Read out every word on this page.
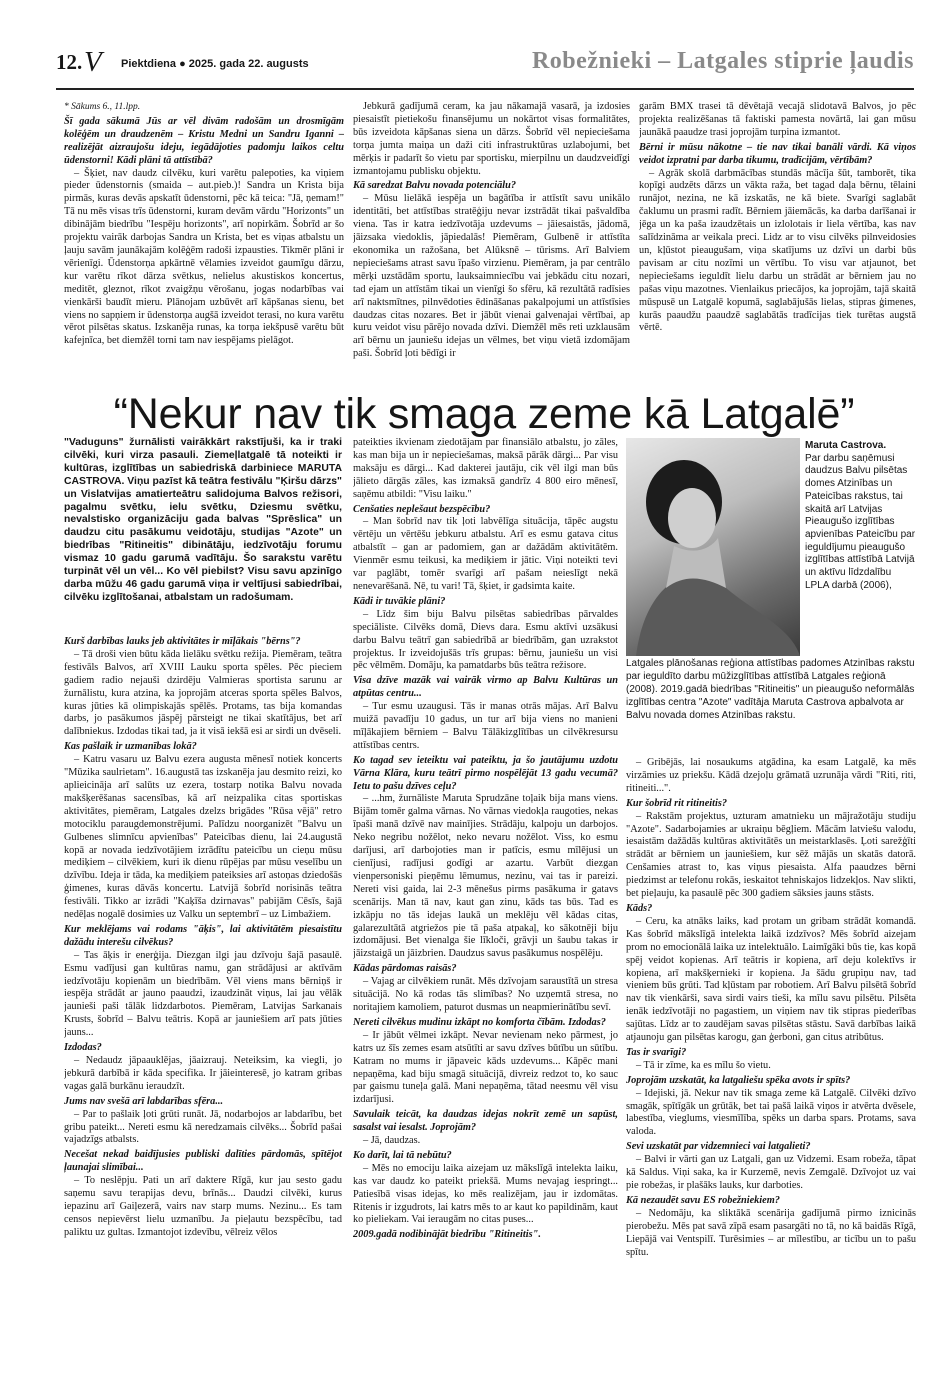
12. V Piektdiena ● 2025. gada 22. augusts	Robežnieki – Latgales stiprie ļaudis

* Sākums 6., 11.lpp.

Šī gada sākumā Jūs ar vēl divām radošām un drosmīgām kolēģēm un draudzenēm – Kristu Medni un Sandru Iganni – realizējāt aizraujošu ideju, iegādājoties padomju laikos celtu ūdenstorni! Kādi plāni tā attīstībā?

– Šķiet, nav daudz cilvēku, kuri varētu palepoties, ka viņiem pieder ūdenstornis (smaida – aut.pieb.)! Sandra un Krista bija pirmās, kuras devās apskatīt ūdenstorni, pēc kā teica: "Jā, ņemam!" Tā nu mēs visas trīs ūdenstorni, kuram devām vārdu "Horizonts" un dibinājām biedrību "Iespēju horizonts", arī nopirkām. Šobrīd ar šo projektu vairāk darbojas Sandra un Krista, bet es viņas atbalstu un ļauju savām jaunākajām kolēģēm radoši izpausties. Tikmēr plāni ir vērienīgi. Ūdenstorņa apkārtnē vēlamies izveidot gaumīgu dārzu, kur varētu rīkot dārza svētkus, nelielus akustiskos koncertus, meditēt, gleznot, rīkot zvaigžņu vērošanu, jogas nodarbības vai vienkārši baudīt mieru. Plānojam uzbūvēt arī kāpšanas sienu, bet viens no sapņiem ir ūdenstorņa augšā izveidot terasi, no kura varētu vērot pilsētas skatus. Izskanēja runas, ka torņa iekšpusē varētu būt kafejnīca, bet diemžēl torni tam nav iespējams pielāgot.

Jebkurā gadījumā ceram, ka jau nākamajā vasarā, ja izdosies piesaistīt pietiekošu finansējumu un nokārtot visas formalitātes, būs izveidota kāpšanas siena un dārzs. Šobrīd vēl nepieciešama torņa jumta maiņa un daži citi infrastruktūras uzlabojumi, bet mērķis ir padarīt šo vietu par sportisku, mierpilnu un daudzveidīgi izmantojamu publisku objektu.

Kā saredzat Balvu novada potenciālu?

– Mūsu lielākā iespēja un bagātība ir attīstīt savu unikālo identitāti, bet attīstības stratēģiju nevar izstrādāt tikai pašvaldība viena. Tas ir katra iedzīvotāja uzdevums – jāiesaistās, jādomā, jāizsaka viedoklis, jāpiedalās! Piemēram, Gulbenē ir attīstīta ekonomika un ražošana, bet Alūksnē – tūrisms. Arī Balviem nepieciešams atrast savu īpašo virzienu. Piemēram, ja par centrālo mērķi uzstādām sportu, lauksaimniecību vai jebkādu citu nozari, tad ejam un attīstām tikai un vienīgi šo sfēru, kā rezultātā radīsies arī naktsmītnes, pilnvēdoties ēdināšanas pakalpojumi un attīstīsies daudzas citas nozares. Bet ir jābūt vienai galvenajai vērtībai, ap kuru veidot visu pārējo novada dzīvi. Diemžēl mēs reti uzklausām arī bērnu un jauniešu idejas un vēlmes, bet viņu vietā izdomājam paši. Šobrīd ļoti bēdīgi ir

garām BMX trasei tā dēvētajā vecajā slidotavā Balvos, jo pēc projekta realizēšanas tā faktiski pamesta novārtā, lai gan mūsu jaunākā paaudze trasi joprojām turpina izmantot.

Bērni ir mūsu nākotne – tie nav tikai banāli vārdi. Kā viņos veidot izpratni par darba tikumu, tradīcijām, vērtībām?

– Agrāk skolā darbmācības stundās mācīja šūt, tamborēt, tika kopīgi audzēts dārzs un vākta raža, bet tagad daļa bērnu, tēlaini runājot, nezina, ne kā izskatās, ne kā biete. Svarīgi saglabāt čaklumu un prasmi radīt. Bērniem jāiemācās, ka darba darīšanai ir jēga un ka paša izaudzētais un izlolotais ir liela vērtība, kas nav salīdzināma ar veikala preci. Lidz ar to visu cilvēks pilnveidosies un, kļūstot pieaugušam, viņa skatījums uz dzīvi un darbi būs pavisam ar citu nozīmi un vērtību. To visu var atjaunot, bet nepieciešams ieguldīt lielu darbu un strādāt ar bērniem jau no pašas viņu mazotnes. Vienlaikus priecājos, ka joprojām, tajā skaitā mūspusē un Latgalē kopumā, saglabājušās lielas, stipras ģimenes, kurās paaudžu paaudzē saglabātās tradīcijas tiek turētas augstā vērtē.

“Nekur nav tik smaga zeme kā Latgalē”
"Vaduguns" žurnālisti vairākkārt rakstījuši, ka ir traki cilvēki, kuri virza pasauli. Ziemeļlatgalē tā noteikti ir kultūras, izglītības un sabiedriskā darbiniece MARUTA CASTROVA. Viņu pazīst kā teātra festivālu "Ķiršu dārzs" un Vislatvijas amatierteātru salidojuma Balvos režisori, pagalmu svētku, ielu svētku, Dziesmu svētku, nevalstisko organizāciju gada balvas "Sprēslica" un daudzu citu pasākumu veidotāju, studijas "Azote" un biedrības "Ritineitis" dibinātāju, iedzīvotāju forumu vismaz 10 gadu garumā vadītāju. Šo sarakstu varētu turpināt vēl un vēl... Ko vēl piebilst? Visu savu apzinīgo darba mūžu 46 gadu garumā viņa ir veltījusi sabiedrībai, cilvēku izglītošanai, atbalstam un radošumam.

Kurš darbības lauks jeb aktivitātes ir mīļākais "bērns"?

– Tā droši vien būtu kāda lielāku svētku režija. Piemēram, teātra festivāls Balvos, arī XVIII Lauku sporta spēles. Pēc pieciem gadiem radio nejauši dzirdēju Valmieras sportista sarunu ar žurnālistu, kura atzina, ka joprojām atceras sporta spēles Balvos, kuras jūties kā olimpiskajās spēlēs. Protams, tas bija komandas darbs, jo pasākumos jāspēj pārsteigt ne tikai skatītājus, bet arī dalībniekus. Izdodas tikai tad, ja it visā iekšā esi ar sirdi un dvēseli.

Kas pašlaik ir uzmanības lokā?

– Katru vasaru uz Balvu ezera augusta mēnesī notiek koncerts "Mūzika saulrietam". 16.augustā tas izskanēja jau desmito reizi, ko aplieicināja arī salūts uz ezera, tostarp notika Balvu novada makšķerēšanas sacensības, kā arī neizpalika citas sportiskas aktivitātes, piemēram, Latgales dzelzs brigādes "Rūsa vējā" retro motociklu paraugdemonstrējumi. Palīdzu noorganizēt "Balvu un Gulbenes slimnīcu apvienības" Pateicības dienu, lai 24.augustā kopā ar novada iedzīvotājiem izrādītu pateicību un cieņu mūsu mediķiem – cilvēkiem, kuri ik dienu rūpējas par mūsu veselību un dzīvību. Ideja ir tāda, ka mediķiem pateiksies arī astoņas dziedošās ģimenes, kuras dāvās koncertu. Latvijā šobrīd norisinās teātra festivāli. Tikko ar izrādi "Kaķīša dzirnavas" pabijām Cēsīs, šajā nedēļas nogalē dosimies uz Valku un septembrī – uz Limbažiem.

Kur meklējams vai rodams "āķis", lai aktivitātēm piesaistītu dažādu interešu cilvēkus?

– Tas āķis ir enerģija. Diezgan ilgi jau dzīvoju šajā pasaulē. Esmu vadījusi gan kultūras namu, gan strādājusi ar aktīvām iedzīvotāju kopienām un biedrībām. Vēl viens mans bērniņš ir iespēja strādāt ar jauno paaudzi, izaudzināt viņus, lai jau vēlāk jaunieši paši tālāk lidzdarbotos. Piemēram, Latvijas Sarkanais Krusts, šobrīd – Balvu teātris. Kopā ar jauniešiem arī pats jūties jauns...

Izdodas?

– Nedaudz jāpaauklējas, jāaizrauj. Neteiksim, ka viegli, jo jebkurā darbībā ir kāda specifika. Ir jāieinteresē, jo katram gribas vagas galā burkānu ieraudzīt.

Jums nav svešā arī labdarības sfēra...

– Par to pašlaik ļoti grūti runāt. Jā, nodarbojos ar labdarību, bet gribu pateikt... Nereti esmu kā neredzamais cilvēks... Šobrīd pašai vajadzīgs atbalsts.

Necešat nekad baidījusies publiski dalīties pārdomās, spītējot ļaunajai slimībai...

– To neslēpju. Pati un arī daktere Rīgā, kur jau sesto gadu saņemu savu terapijas devu, brīnās... Daudzi cilvēki, kurus iepazinu arī Gaiļezerā, vairs nav starp mums. Nezinu... Es tam censos nepievērst lielu uzmanību. Ja pieļautu bezspēcību, tad paliktu uz gultas. Izmantojot izdevību, vēlreiz vēlos

pateikties ikvienam ziedotājam par finansiālo atbalstu, jo zāles, kas man bija un ir nepieciešamas, maksā pārāk dārgi... Par visu maksāju es dārgi... Kad dakterei jautāju, cik vēl ilgi man būs jālieto dārgās zāles, kas izmaksā gandrīz 4 800 eiro mēnesī, saņēmu atbildi: "Visu laiku."

Cenšaties neplešaut bezspēcību?

– Man šobrīd nav tik ļoti labvēlīga situācija, tāpēc augstu vērtēju un vērtēšu jebkuru atbalstu. Arī es esmu gatava citus atbalstīt – gan ar padomiem, gan ar dažādām aktivitātēm. Vienmēr esmu teikusi, ka mediķiem ir jātic. Viņi noteikti tevi var paglābt, tomēr svarīgi arī pašam neieslīgt nekā nenevarēšanā. Nē, tu vari! Tā, šķiet, ir gadsimta kaite.

Kādi ir tuvākie plāni?

– Līdz šim biju Balvu pilsētas sabiedrības pārvaldes speciāliste. Cilvēks domā, Dievs dara. Esmu aktīvi uzsākusi darbu Balvu teātrī gan sabiedrībā ar biedrībām, gan uzrakstot projektus. Ir izveidojušās trīs grupas: bērnu, jauniešu un visi pēc vēlmēm. Domāju, ka pamatdarbs būs teātra režisore.

Visa dzīve mazāk vai vairāk virmo ap Balvu Kultūras un atpūtas centru...

– Tur esmu uzaugusi. Tās ir manas otrās mājas. Arī Balvu muižā pavadīju 10 gadus, un tur arī bija viens no manieni mīļākajiem bērniem – Balvu Tālākizglītības un cilvēkresursu attīstības centrs.

Ko tagad sev ieteiktu vai pateiktu, ja šo jautājumu uzdotu Vārna Klāra, kuru teātrī pirmo nospēlējāt 13 gadu vecumā? Ietu to pašu dzīves ceļu?

– ...hm, žurnāliste Maruta Sprudzāne toļaik bija mans viens. Bijām tomēr galma vārnas. No vārnas viedokļa raugoties, nekas īpaši manā dzīvē nav mainījies. Strādāju, kalpoju un darbojos. Neko negribu nožēlot, neko nevaru nožēlot. Viss, ko esmu darījusi, arī darbojoties man ir patīcis, esmu mīlējusi un cienījusi, radījusi godīgi ar azartu. Varbūt diezgan vienpersoniski pieņēmu lēmumus, nezinu, vai tas ir pareizi. Nereti visi gaida, lai 2-3 mēnešus pirms pasākuma ir gatavs scenārijs. Man tā nav, kaut gan zinu, kāds tas būs. Tad es izkāpju no tās idejas laukā un meklēju vēl kādas citas, galarezultātā atgriežos pie tā paša atpakaļ, ko sākotnēji biju izdomājusi. Bet vienalga šie līkloči, grāvji un šaubu takas ir jāizstaigā un jāizbrien. Daudzus savus pasākumus nospēlēju.

Kādas pārdomas raisās?

– Vajag ar cilvēkiem runāt. Mēs dzīvojam saraustītā un stresa situācijā. No kā rodas tās slimības? No uzņemtā stresa, no noritajiem kamoliem, paturot dusmas un neapmierinātību sevī.

Nereti cilvēkus mudinu izkāpt no komforta čībām. Izdodas?

– Ir jābūt vēlmei izkāpt. Nevar nevienam neko pārmest, jo katrs uz šīs zemes esam atsūtīti ar savu dzīves būtību un sūtību. Katram no mums ir jāpaveic kāds uzdevums... Kāpēc mani nepaņēma, kad biju smagā situācijā, divreiz redzot to, ko sauc par gaismu tuneļa galā. Mani nepaņēma, tātad neesmu vēl visu izdarījusi.

Savulaik teicāt, ka daudzas idejas nokrīt zemē un sapūst, sasalst vai iesalst. Joprojām?

– Jā, daudzas.

Ko darīt, lai tā nebūtu?

– Mēs no emociju laika aizejam uz mākslīgā intelekta laiku, kas var daudz ko pateikt priekšā. Mums nevajag iespringt... Patiesībā visas idejas, ko mēs realizējam, jau ir izdomātas. Ritenis ir izgudrots, lai katrs mēs to ar kaut ko papildinām, kaut ko pieliekam. Vai ieraugām no citas puses...

2009.gadā nodibinājāt biedrību "Ritineitis".

Maruta Castrova.
Par darbu saņēmusi daudzus Balvu pilsētas domes Atzinības un Pateicības rakstus, tai skaitā arī Latvijas Pieaugušo izglītības apvienības Pateicību par ieguldījumu pieaugušo izglītības attīstībā Latvijā un aktīvu līdzdalību LPLA darbā (2006),
Latgales plānošanas reģiona attīstības padomes Atzinības rakstu par ieguldīto darbu mūžizglītības attīstībā Latgales reģionā (2008). 2019.gadā biedrības "Ritineitis" un pieaugušo neformālās izglītības centra "Azote" vadītāja Maruta Castrova apbalvota ar Balvu novada domes Atzinības rakstu.

– Gribējās, lai nosaukums atgādina, ka esam Latgalē, ka mēs virzāmies uz priekšu. Kādā dzejoļu grāmatā uzrunāja vārdi "Riti, riti, ritineiti...".

Kur šobrīd rit ritineitis?

– Rakstām projektus, uzturam amatnieku un mājražotāju studiju "Azote". Sadarbojamies ar ukraiņu bēgļiem. Mācām latviešu valodu, iesaistām dažādās kultūras aktivitātēs un meistarklasēs. Ļoti sarežģīti strādāt ar bērniem un jauniešiem, kur sēž mājās un skatās datorā. Cenšamies atrast to, kas viņus piesaista. Alfa paaudzes bērni piedzimst ar telefonu rokās, ieskaitot tehniskajos lidzekļos. Nav slikti, bet pieļauju, ka pasaulē pēc 300 gadiem sāksies jauns stāsts.

Kāds?

– Ceru, ka atnāks laiks, kad protam un gribam strādāt komandā. Kas šobrīd mākslīgā intelekta laikā izdzīvos? Mēs šobrīd aizejam prom no emocionālā laika uz intelektuālo. Laimīgāki būs tie, kas kopā spēj veidot kopienas. Arī teātris ir kopiena, arī deju kolektīvs ir kopiena, arī makšķernieki ir kopiena. Ja šādu grupiņu nav, tad vieniem būs grūti. Tad kļūstam par robotiem. Arī Balvu pilsētā šobrīd nav tik vienkārši, sava sirdi vairs tieši, ka mīlu savu pilsētu. Pilsēta ienāk iedzīvotāji no pagastiem, un viņiem nav tik stipras piederības sajūtas. Līdz ar to zaudējam savas pilsētas stāstu. Savā darbības laikā atjaunoju gan pilsētas karogu, gan ģerboni, gan citus atribūtus.

Tas ir svarīgi?

– Tā ir zīme, ka es mīlu šo vietu.

Joprojām uzskatāt, ka latgaliešu spēka avots ir spīts?

– Idejiski, jā. Nekur nav tik smaga zeme kā Latgalē. Cilvēki dzīvo smagāk, spītīgāk un grūtāk, bet tai pašā laikā viņos ir atvērta dvēsele, labestība, vieglums, viesmīlība, spēks un darba spars. Protams, sava valoda.

Sevi uzskatāt par vidzemnieci vai latgalieti?

– Balvi ir vārti gan uz Latgali, gan uz Vidzemi. Esam robeža, tāpat kā Saldus. Viņi saka, ka ir Kurzemē, nevis Zemgalē. Dzīvojot uz vai pie robežas, ir plašāks lauks, kur darboties.

Kā nezaudēt savu ES robežniekiem?

– Nedomāju, ka sliktākā scenārija gadījumā pirmo iznicinās pierobežu. Mēs pat savā zīpā esam pasargāti no tā, no kā baidās Rīgā, Liepājā vai Ventspilī. Turēsimies – ar mīlestību, ar ticību un to pašu spītu.
